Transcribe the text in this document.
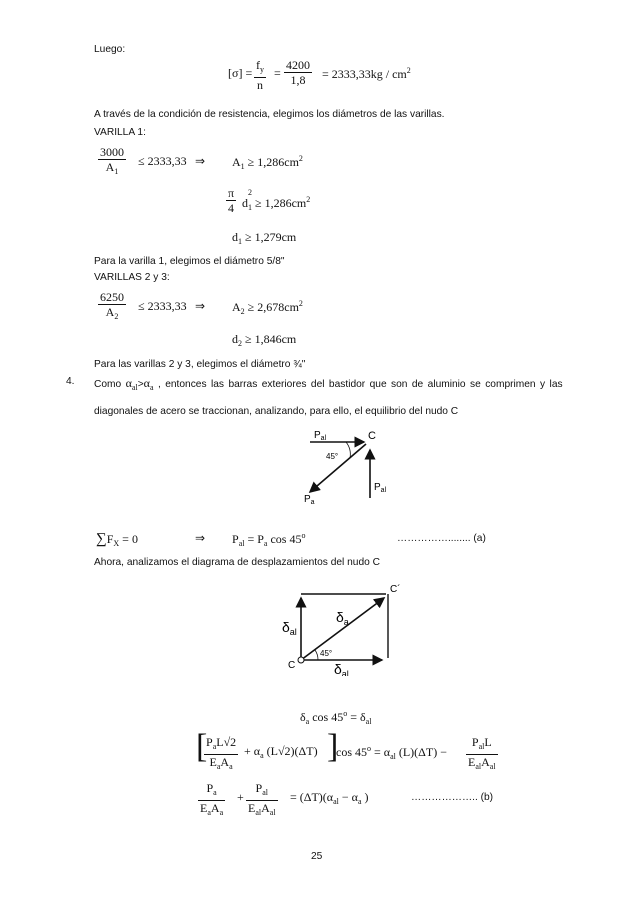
Luego:
$[\sigma] = \frac{f_y}{n} = \frac{4200}{1,8} = 2333,33kg / cm^2$
A través de la condición de resistencia, elegimos los diámetros de las varillas.
VARILLA 1:
$\frac{3000}{A_1} \le 2333,33$ ⇒ $A_1 \ge 1,286cm^2$
$\frac{\pi}{4}$ d
2
$_1 \ge 1,286cm^2$
$d_1 \ge 1,279cm$
Para la varilla 1, elegimos el diámetro 5/8"
VARILLAS 2 y 3:
$\frac{6250}{A_2} \le 2333,33$ ⇒ $A_2 \ge 2,678cm^2$
$d_2 \ge 1,846cm$
Para las varillas 2 y 3, elegimos el diámetro ¾"
4. Como $\alpha_{al}>\alpha_a$ , entonces las barras exteriores del bastidor que son de aluminio se comprimen y las
diagonales de acero se traccionan, analizando, para ello, el equilibrio del nudo C
$P_{al}$	C
45°
$P_a$
$P_{al}$
$\sum F_X = 0$	⇒ $P_{al} = P_a$ cos 45$^o$	……………........ (a)
Ahora, analizamos el diagrama de desplazamientos del nudo C
C´
$\delta_a$
$\delta_{al}$
45°
C	$\delta_{al}$
$\delta_a$ $\cos 45^o = \delta_{al}$
[
$P_aL√2$
$E_aA_a$
+ $\alpha_a$ (L√2)(ΔT) ]
$\cos 45^o = \alpha_{al}$ (L)(ΔT) −
$P_{al}L$
$E_{al}A_{al}$
$P_a$
$E_aA_a$
+
$P_{al}$
$E_{al}A_{al}$
= $(\Delta T)(\alpha_{al} - \alpha_a$ )	……………….. (b)
25
